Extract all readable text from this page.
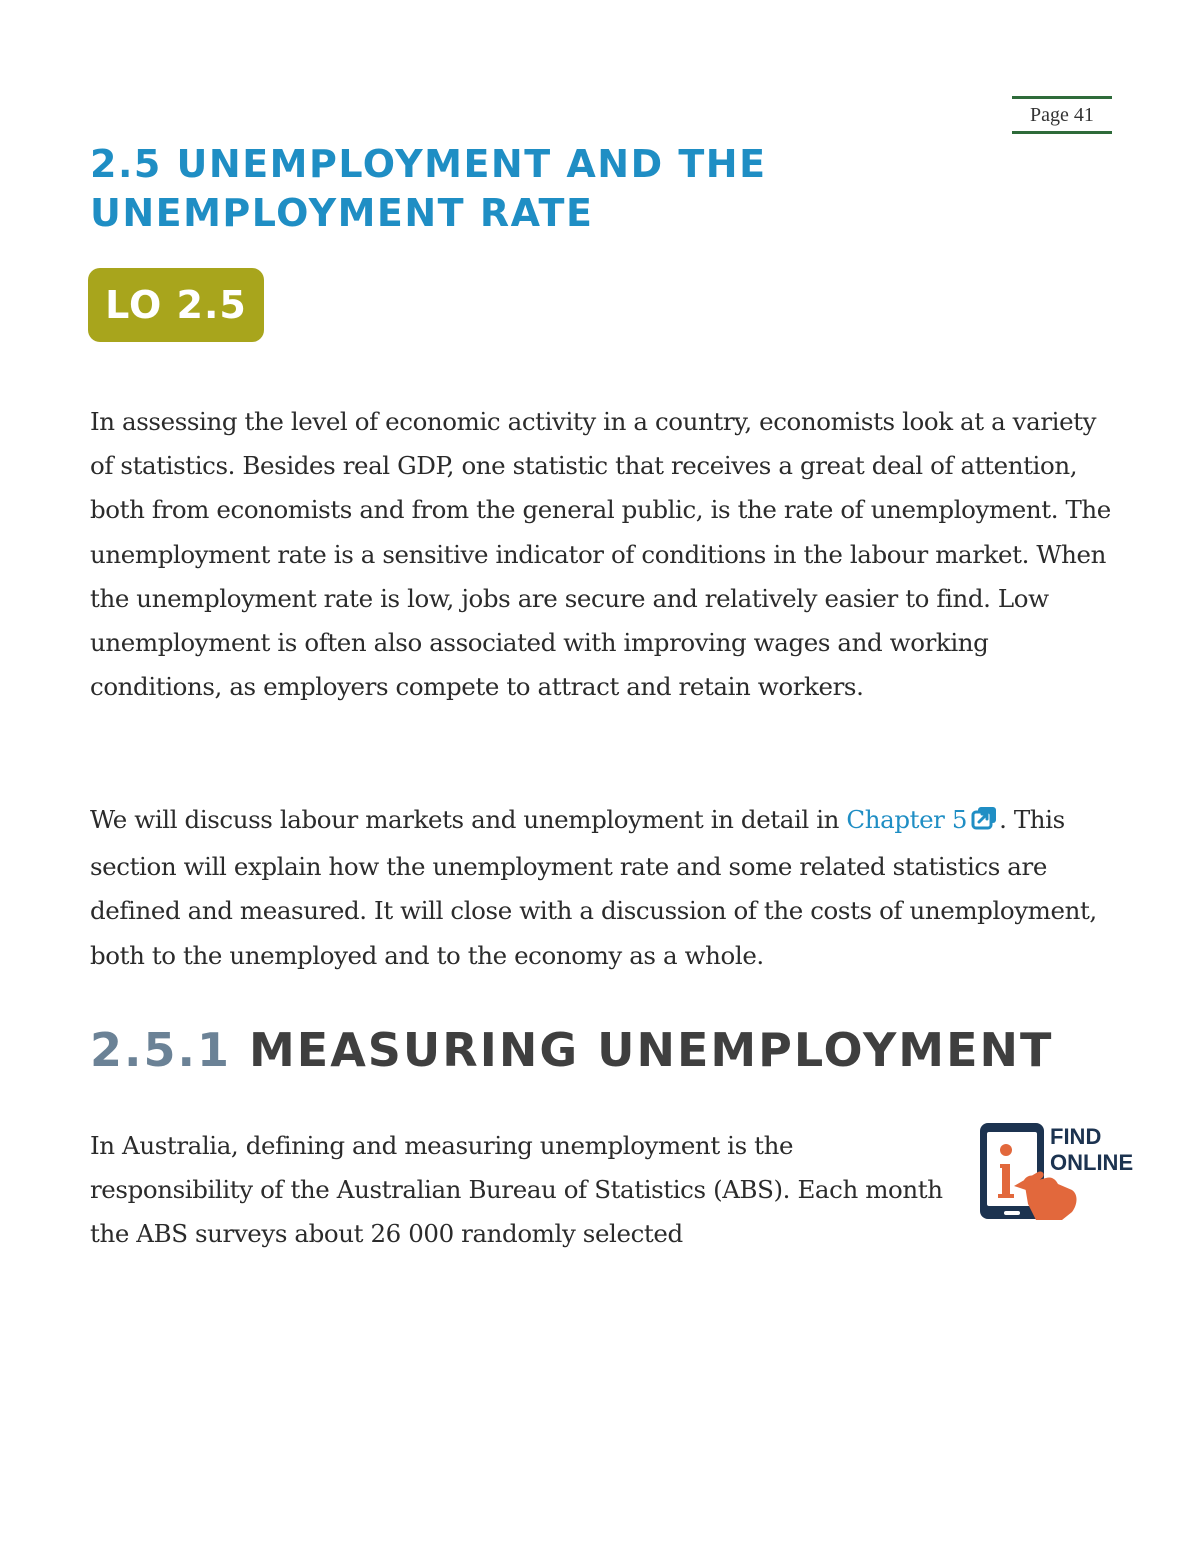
Page 41
2.5 UNEMPLOYMENT AND THE
UNEMPLOYMENT RATE
LO 2.5

In assessing the level of economic activity in a country, economists look at a variety of statistics. Besides real GDP, one statistic that receives a great deal of attention, both from economists and from the general public, is the rate of unemployment. The unemployment rate is a sensitive indicator of conditions in the labour market. When the unemployment rate is low, jobs are secure and relatively easier to find. Low unemployment is often also associated with improving wages and working conditions, as employers compete to attract and retain workers.

We will discuss labour markets and unemployment in detail in Chapter 5 . This section will explain how the unemployment rate and some related statistics are defined and measured. It will close with a discussion of the costs of unemployment, both to the unemployed and to the economy as a whole.

2.5.1 MEASURING UNEMPLOYMENT

In Australia, defining and measuring unemployment is the responsibility of the Australian Bureau of Statistics (ABS). Each month the ABS surveys about 26 000 randomly selected

FIND
ONLINE
